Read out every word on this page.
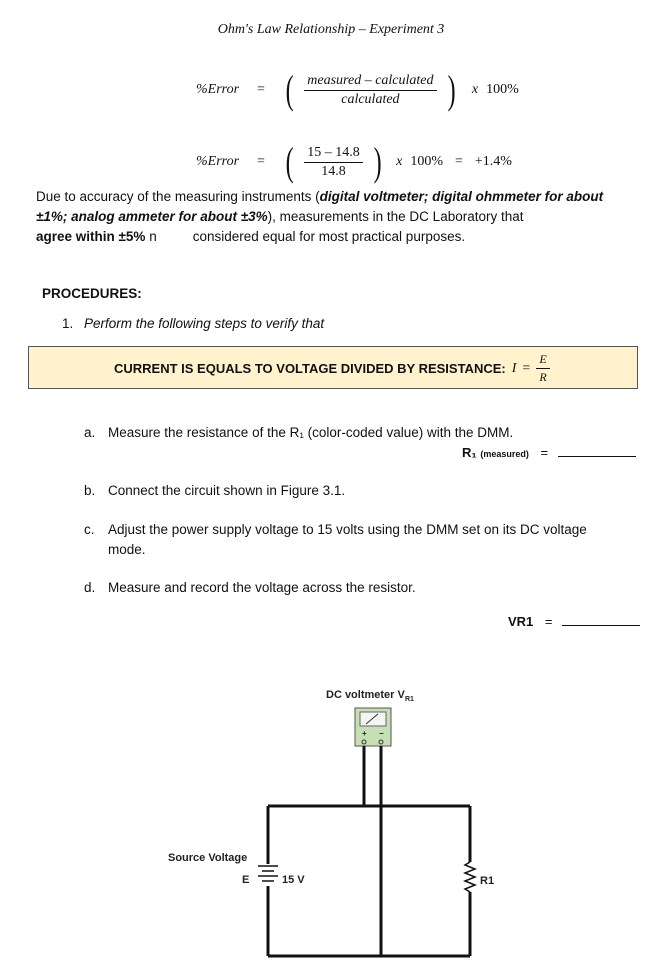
Ohm's Law Relationship – Experiment 3
%Error = ( $\frac{\text{measured – calculated}}{\text{calculated}}$ ) x 100%
%Error = ( $\frac{15 - 14.8}{14.8}$ ) x 100% = +1.4%
Due to accuracy of the measuring instruments (digital voltmeter; digital ohmmeter for about ±1%; analog ammeter for about ±3%), measurements in the DC Laboratory that
agree within ±5% n	considered equal for most practical purposes.
PROCEDURES:
1. Perform the following steps to verify that
CURRENT IS EQUALS TO VOLTAGE DIVIDED BY RESISTANCE: $I = \frac{E}{R}$
a. Measure the resistance of the R₁ (color-coded value) with the DMM.
R₁ (measured) =
b. Connect the circuit shown in Figure 3.1.
c. Adjust the power supply voltage to 15 volts using the DMM set on its DC voltage
mode.
d. Measure and record the voltage across the resistor.
VR1 =
DC voltmeter V R1
+ −
Source Voltage
E	15 V	R1
